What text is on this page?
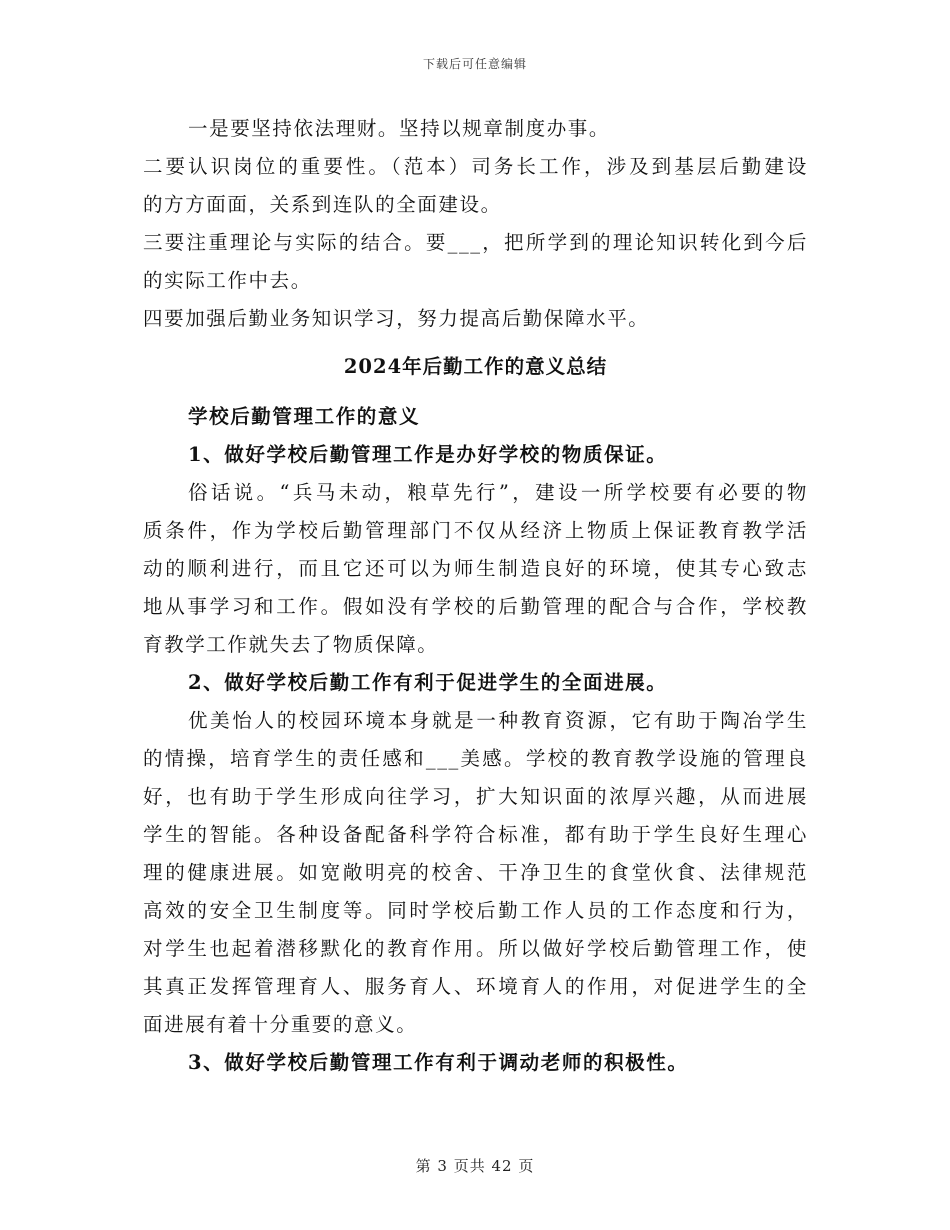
下载后可任意编辑
一是要坚持依法理财。坚持以规章制度办事。
二要认识岗位的重要性。（范本）司务长工作，涉及到基层后勤建设
的方方面面，关系到连队的全面建设。
三要注重理论与实际的结合。要___，把所学到的理论知识转化到今后
的实际工作中去。
四要加强后勤业务知识学习，努力提高后勤保障水平。
2024年后勤工作的意义总结
学校后勤管理工作的意义
1、做好学校后勤管理工作是办好学校的物质保证。
俗话说。“兵马未动，粮草先行”，建设一所学校要有必要的物
质条件，作为学校后勤管理部门不仅从经济上物质上保证教育教学活
动的顺利进行，而且它还可以为师生制造良好的环境，使其专心致志
地从事学习和工作。假如没有学校的后勤管理的配合与合作，学校教
育教学工作就失去了物质保障。
2、做好学校后勤工作有利于促进学生的全面进展。
优美怡人的校园环境本身就是一种教育资源，它有助于陶冶学生
的情操，培育学生的责任感和___美感。学校的教育教学设施的管理良
好，也有助于学生形成向往学习，扩大知识面的浓厚兴趣，从而进展
学生的智能。各种设备配备科学符合标准，都有助于学生良好生理心
理的健康进展。如宽敞明亮的校舍、干净卫生的食堂伙食、法律规范
高效的安全卫生制度等。同时学校后勤工作人员的工作态度和行为，
对学生也起着潜移默化的教育作用。所以做好学校后勤管理工作，使
其真正发挥管理育人、服务育人、环境育人的作用，对促进学生的全
面进展有着十分重要的意义。
3、做好学校后勤管理工作有利于调动老师的积极性。
第 3 页共 42 页
